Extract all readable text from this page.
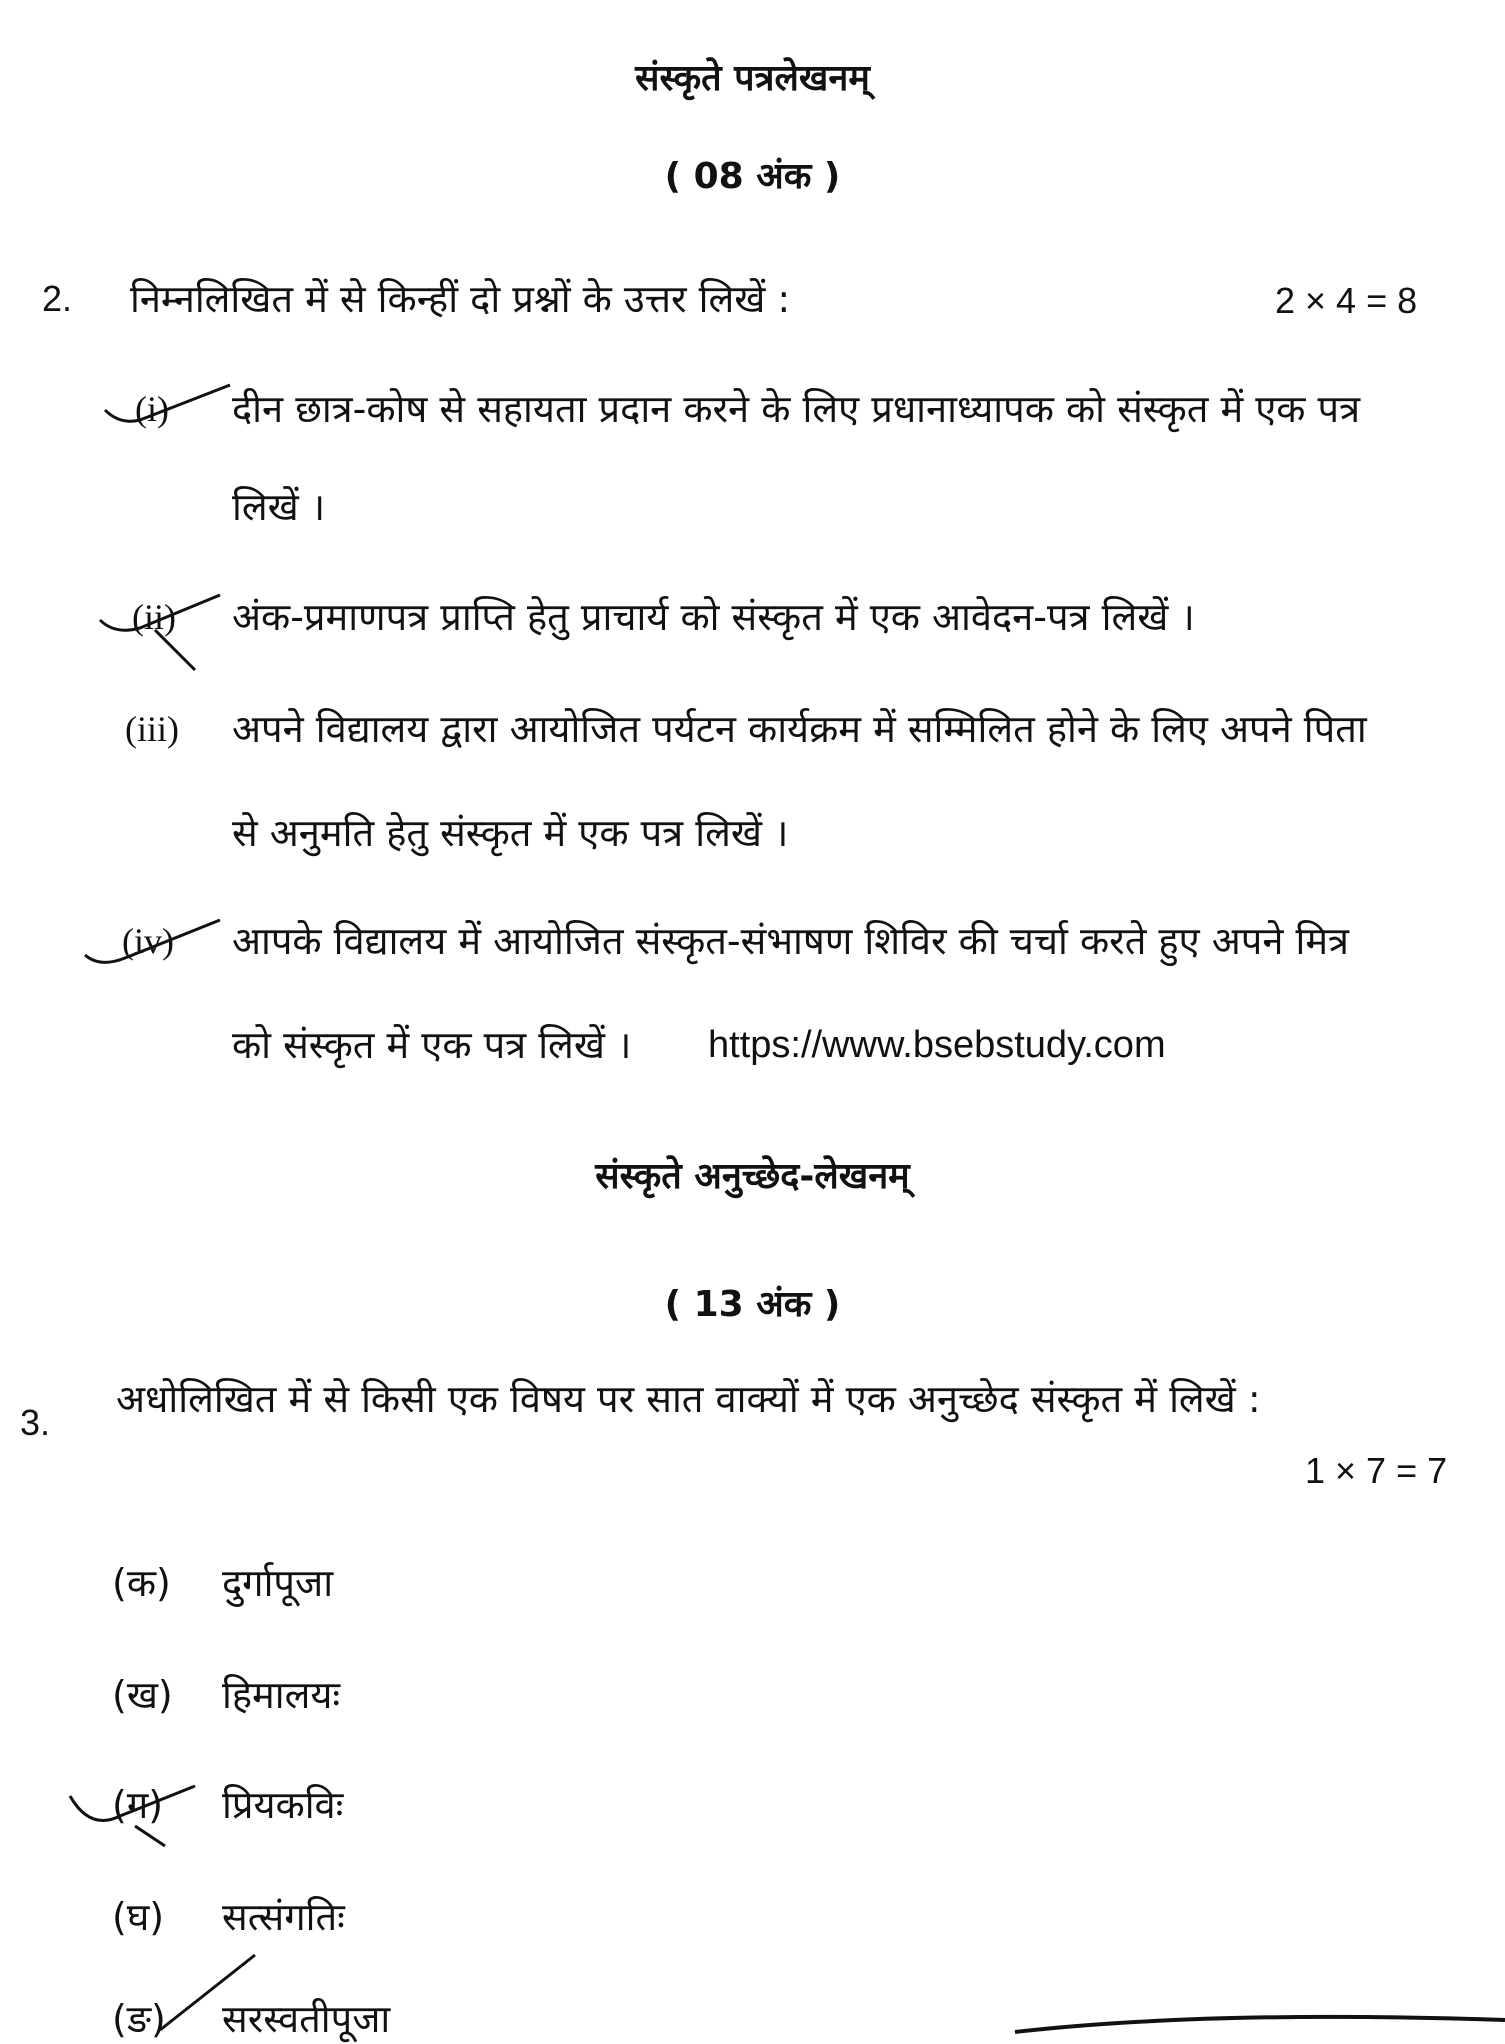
संस्कृते पत्रलेखनम्
( 08 अंक )
2. निम्नलिखित में से किन्हीं दो प्रश्नों के उत्तर लिखें :	2 × 4 = 8
(i) दीन छात्र-कोष से सहायता प्रदान करने के लिए प्रधानाध्यापक को संस्कृत में एक पत्र
लिखें ।
(ii) अंक-प्रमाणपत्र प्राप्ति हेतु प्राचार्य को संस्कृत में एक आवेदन-पत्र लिखें ।
(iii) अपने विद्यालय द्वारा आयोजित पर्यटन कार्यक्रम में सम्मिलित होने के लिए अपने पिता
से अनुमति हेतु संस्कृत में एक पत्र लिखें ।
(iv) आपके विद्यालय में आयोजित संस्कृत-संभाषण शिविर की चर्चा करते हुए अपने मित्र
को संस्कृत में एक पत्र लिखें । https://www.bsebstudy.com
संस्कृते अनुच्छेद-लेखनम्
( 13 अंक )
3.
अधोलिखित में से किसी एक विषय पर सात वाक्यों में एक अनुच्छेद संस्कृत में लिखें :
1 × 7 = 7
(क) दुर्गापूजा
(ख) हिमालयः
(ग) प्रियकविः
(घ) सत्संगतिः
(ङ) सरस्वतीपूजा
